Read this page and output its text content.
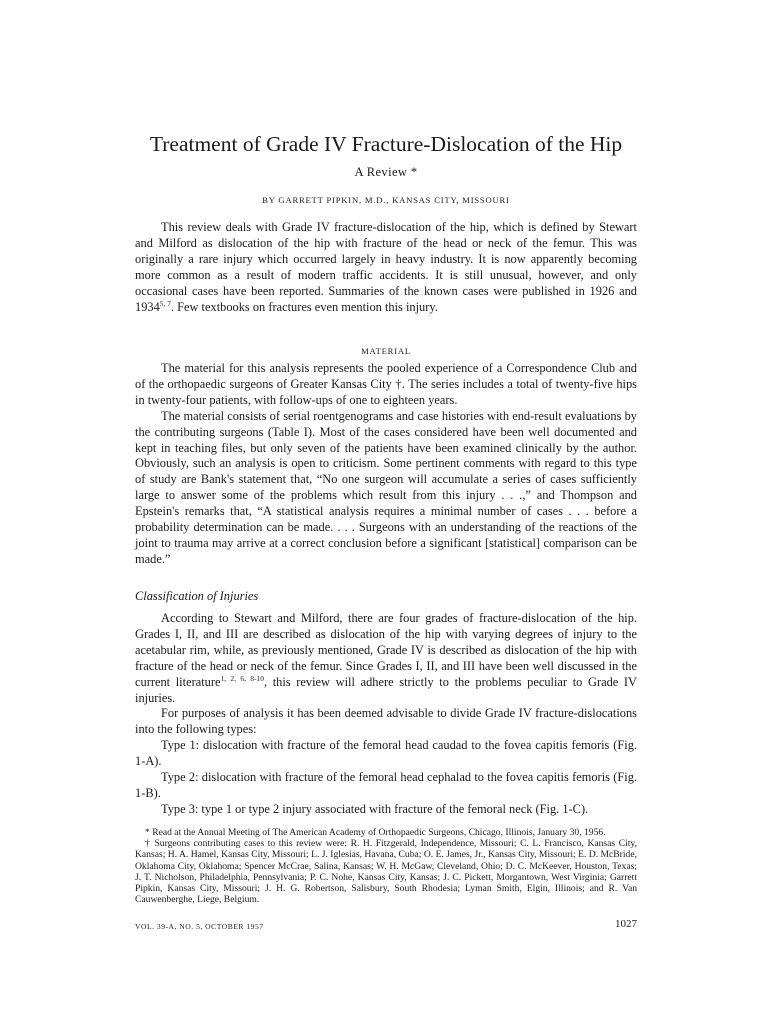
Treatment of Grade IV Fracture-Dislocation of the Hip
A Review *
BY GARRETT PIPKIN, M.D., KANSAS CITY, MISSOURI

This review deals with Grade IV fracture-dislocation of the hip, which is defined by Stewart and Milford as dislocation of the hip with fracture of the head or neck of the femur. This was originally a rare injury which occurred largely in heavy industry. It is now apparently becoming more common as a result of modern traffic accidents. It is still unusual, however, and only occasional cases have been reported. Summaries of the known cases were published in 1926 and 1934$^{5, 7}$. Few textbooks on fractures even mention this injury.

MATERIAL

The material for this analysis represents the pooled experience of a Correspondence Club and of the orthopaedic surgeons of Greater Kansas City †. The series includes a total of twenty-five hips in twenty-four patients, with follow-ups of one to eighteen years.

The material consists of serial roentgenograms and case histories with end-result evaluations by the contributing surgeons (Table I). Most of the cases considered have been well documented and kept in teaching files, but only seven of the patients have been examined clinically by the author. Obviously, such an analysis is open to criticism. Some pertinent comments with regard to this type of study are Bank's statement that, “No one surgeon will accumulate a series of cases sufficiently large to answer some of the problems which result from this injury . . .,” and Thompson and Epstein's remarks that, “A statistical analysis requires a minimal number of cases . . . before a probability determination can be made. . . . Surgeons with an understanding of the reactions of the joint to trauma may arrive at a correct conclusion before a significant [statistical] comparison can be made.”

Classification of Injuries

According to Stewart and Milford, there are four grades of fracture-dislocation of the hip. Grades I, II, and III are described as dislocation of the hip with varying degrees of injury to the acetabular rim, while, as previously mentioned, Grade IV is described as dislocation of the hip with fracture of the head or neck of the femur. Since Grades I, II, and III have been well discussed in the current literature$^{1, 2, 6, 8-10}$, this review will adhere strictly to the problems peculiar to Grade IV injuries.

For purposes of analysis it has been deemed advisable to divide Grade IV fracture-dislocations into the following types:

Type 1: dislocation with fracture of the femoral head caudad to the fovea capitis femoris (Fig. 1-A).

Type 2: dislocation with fracture of the femoral head cephalad to the fovea capitis femoris (Fig. 1-B).

Type 3: type 1 or type 2 injury associated with fracture of the femoral neck (Fig. 1-C).

* Read at the Annual Meeting of The American Academy of Orthopaedic Surgeons, Chicago, Illinois, January 30, 1956.

† Surgeons contributing cases to this review were: R. H. Fitzgerald, Independence, Missouri; C. L. Francisco, Kansas City, Kansas; H. A. Hamel, Kansas City, Missouri; L. J. Iglesias, Havana, Cuba; O. E. James, Jr., Kansas City, Missouri; E. D. McBride, Oklahoma City, Oklahoma; Spencer McCrae, Salina, Kansas; W. H. McGaw, Cleveland, Ohio; D. C. McKeever, Houston, Texas; J. T. Nicholson, Philadelphia, Pennsylvania; P. C. Nohe, Kansas City, Kansas; J. C. Pickett, Morgantown, West Virginia; Garrett Pipkin, Kansas City, Missouri; J. H. G. Robertson, Salisbury, South Rhodesia; Lyman Smith, Elgin, Illinois; and R. Van Cauwenberghe, Liege, Belgium.

VOL. 39-A, NO. 5, OCTOBER 1957	1027
